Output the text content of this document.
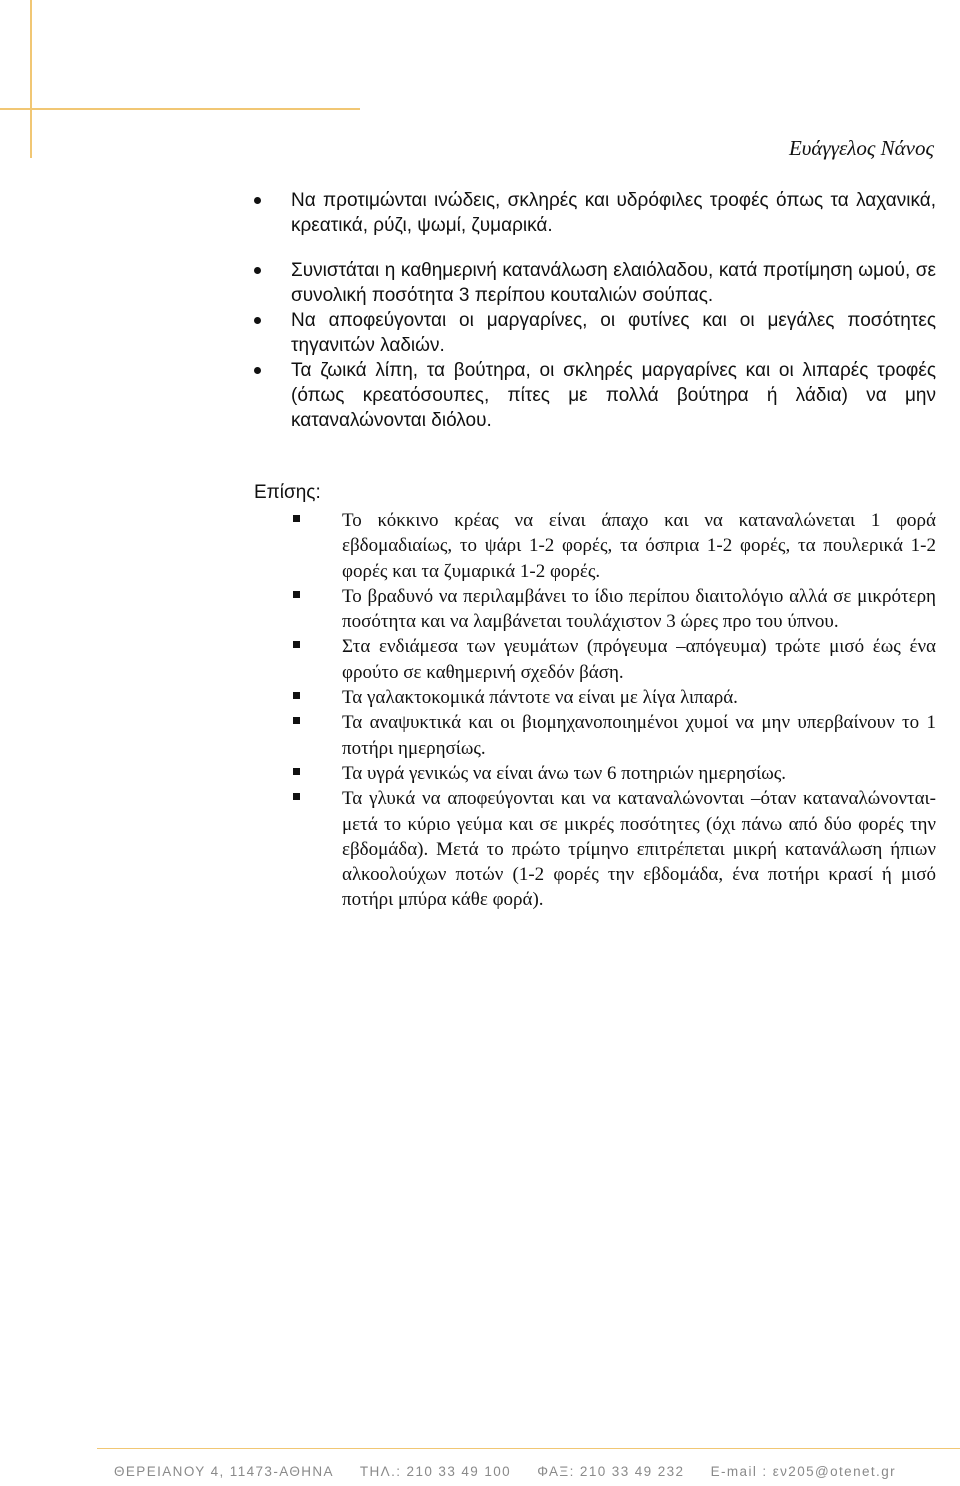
Ευάγγελος Νάνος
Να προτιμώνται ινώδεις, σκληρές και υδρόφιλες τροφές όπως τα λαχανικά, κρεατικά, ρύζι, ψωμί, ζυμαρικά.
Συνιστάται η καθημερινή κατανάλωση ελαιόλαδου, κατά προτίμηση ωμού, σε συνολική ποσότητα 3 περίπου κουταλιών σούπας.
Να αποφεύγονται οι μαργαρίνες, οι φυτίνες και οι μεγάλες ποσότητες τηγανιτών λαδιών.
Τα ζωικά λίπη, τα βούτηρα, οι σκληρές μαργαρίνες και οι λιπαρές τροφές (όπως κρεατόσουπες, πίτες με πολλά βούτηρα ή λάδια) να μην καταναλώνονται διόλου.
Επίσης:
Το κόκκινο κρέας να είναι άπαχο και να καταναλώνεται 1 φορά εβδομαδιαίως, το ψάρι 1-2 φορές, τα όσπρια 1-2 φορές, τα πουλερικά 1-2 φορές και τα ζυμαρικά 1-2 φορές.
Το βραδυνό να περιλαμβάνει το ίδιο περίπου διαιτολόγιο αλλά σε μικρότερη ποσότητα και να λαμβάνεται τουλάχιστον 3 ώρες προ του ύπνου.
Στα ενδιάμεσα των γευμάτων (πρόγευμα –απόγευμα) τρώτε μισό έως ένα φρούτο σε καθημερινή σχεδόν βάση.
Τα γαλακτοκομικά πάντοτε να είναι με λίγα λιπαρά.
Τα αναψυκτικά και οι βιομηχανοποιημένοι χυμοί να μην υπερβαίνουν το 1 ποτήρι ημερησίως.
Τα υγρά γενικώς να είναι άνω των 6 ποτηριών ημερησίως.
Τα γλυκά να αποφεύγονται και να καταναλώνονται –όταν καταναλώνονται- μετά το κύριο γεύμα και σε μικρές ποσότητες (όχι πάνω από δύο φορές την εβδομάδα). Μετά το πρώτο τρίμηνο επιτρέπεται μικρή κατανάλωση ήπιων αλκοολούχων ποτών (1-2 φορές την εβδομάδα, ένα ποτήρι κρασί ή μισό ποτήρι μπύρα κάθε φορά).
ΘΕΡΕΙΑΝΟΥ 4, 11473-ΑΘΗΝΑ ΤΗΛ.: 210 33 49 100 ΦΑΞ: 210 33 49 232 E-mail : εν205@otenet.gr
